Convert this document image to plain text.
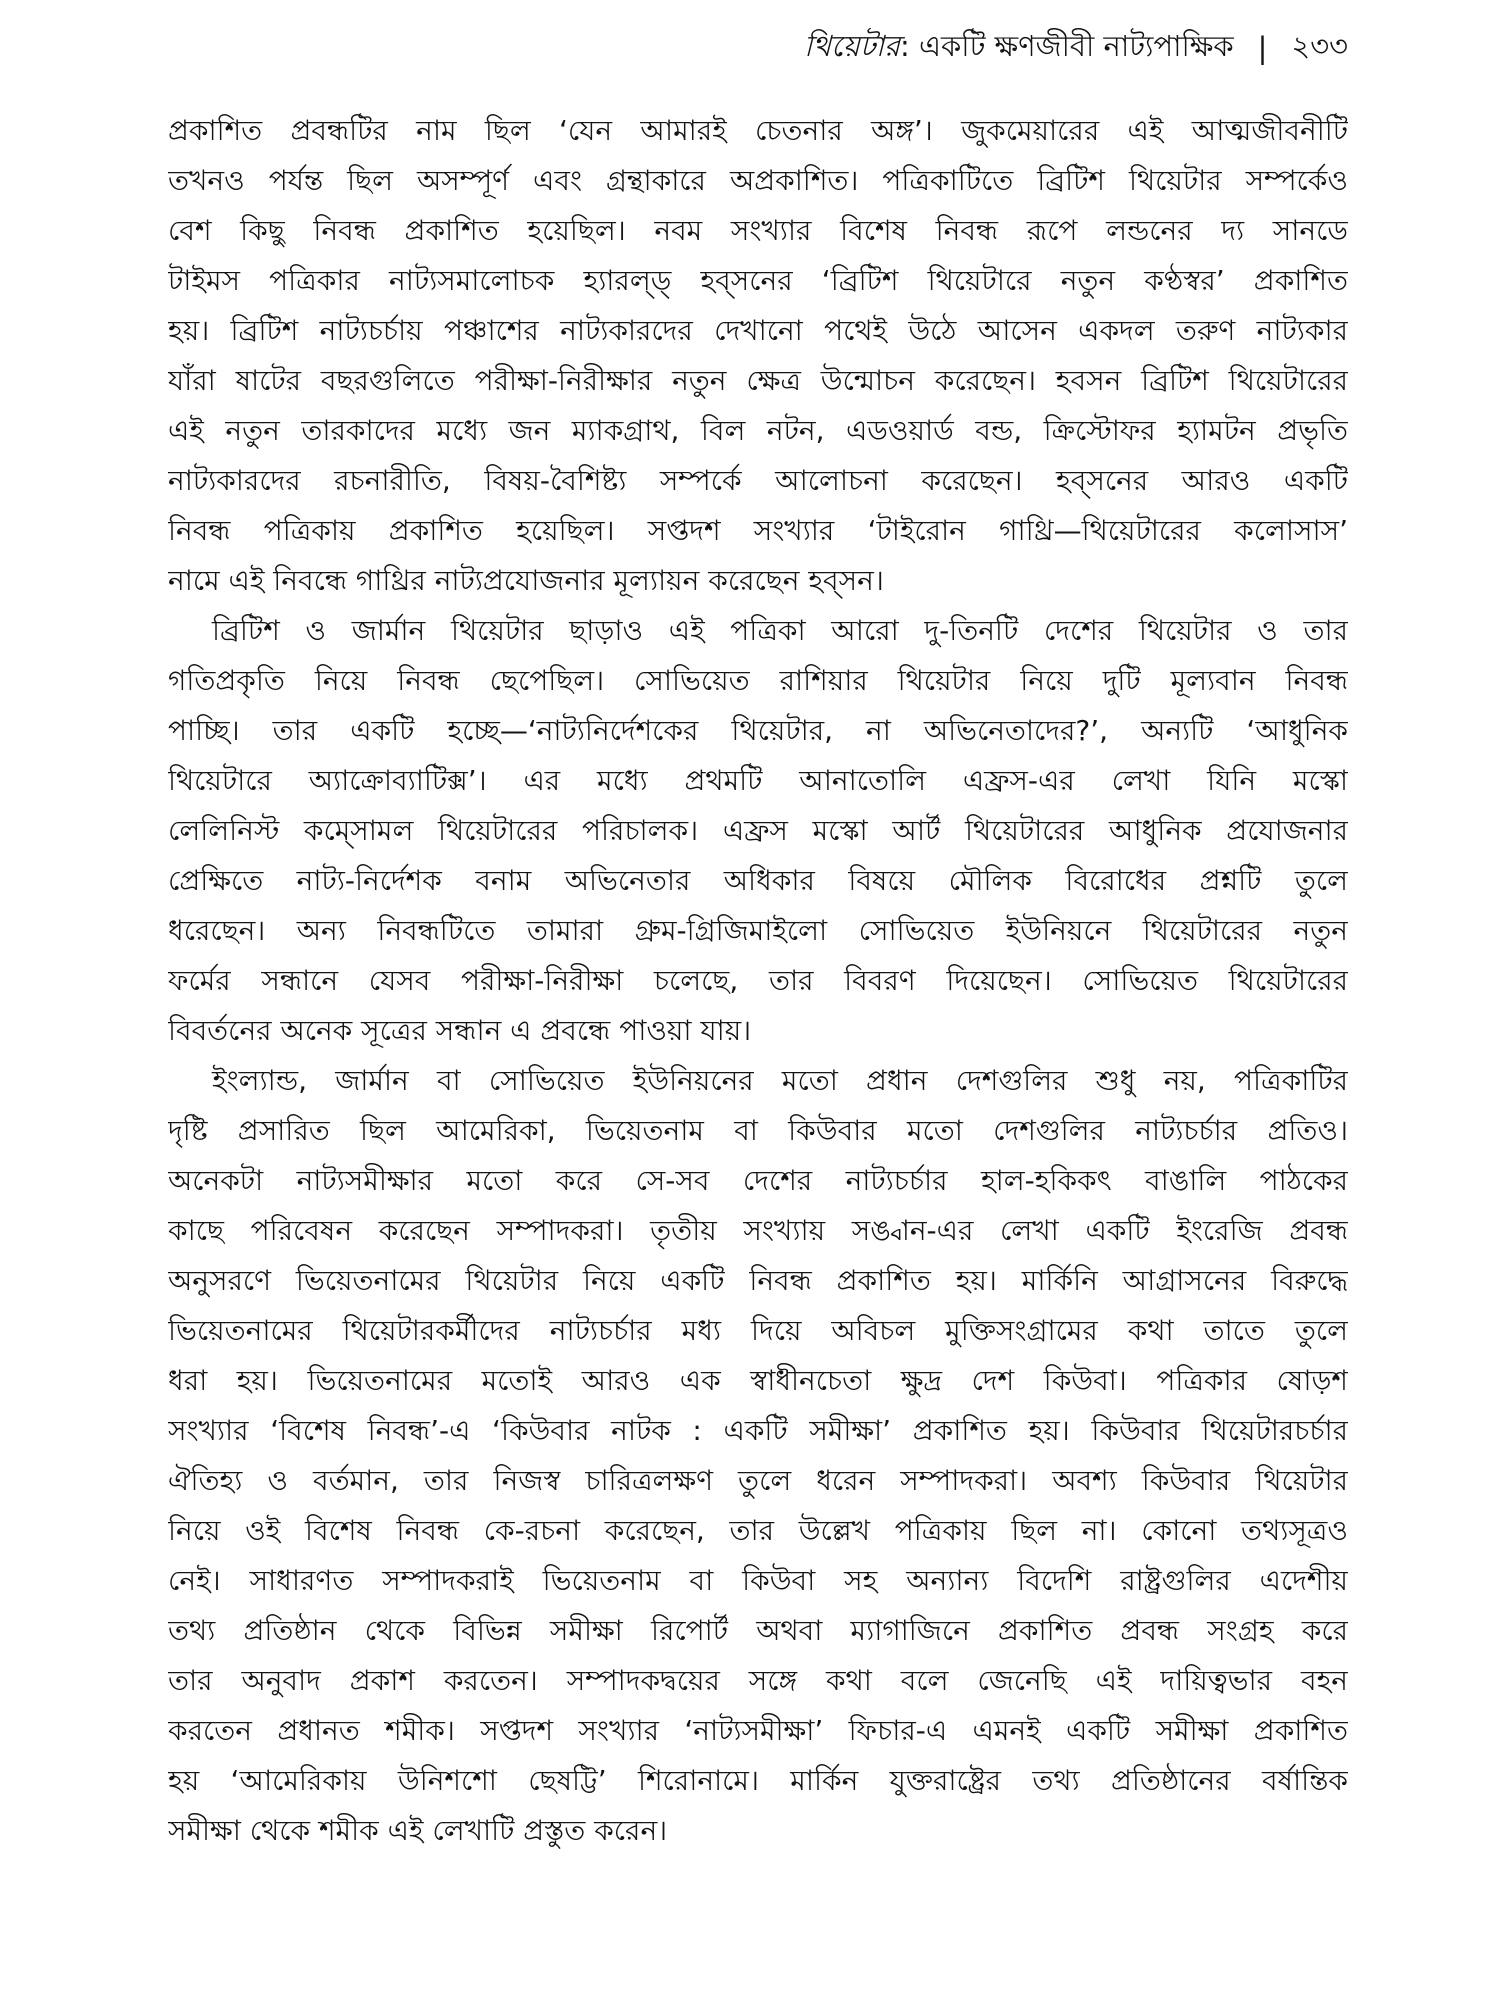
থিয়েটার : একটি ক্ষণজীবী নাট্যপাক্ষিক | ২৩৩
প্রকাশিত প্রবন্ধটির নাম ছিল ‘যেন আমারই চেতনার অঙ্গ’। জুকমেয়ারের এই আত্মজীবনীটি
তখনও পর্যন্ত ছিল অসম্পূর্ণ এবং গ্রন্থাকারে অপ্রকাশিত। পত্রিকাটিতে ব্রিটিশ থিয়েটার সম্পর্কেও
বেশ কিছু নিবন্ধ প্রকাশিত হয়েছিল। নবম সংখ্যার বিশেষ নিবন্ধ রূপে লন্ডনের দ্য সানডে
টাইমস পত্রিকার নাট্যসমালোচক হ্যারল্ড্ হব্সনের ‘ব্রিটিশ থিয়েটারে নতুন কণ্ঠস্বর’ প্রকাশিত
হয়। ব্রিটিশ নাট্যচর্চায় পঞ্চাশের নাট্যকারদের দেখানো পথেই উঠে আসেন একদল তরুণ নাট্যকার
যাঁরা ষাটের বছরগুলিতে পরীক্ষা-নিরীক্ষার নতুন ক্ষেত্র উন্মোচন করেছেন। হবসন ব্রিটিশ থিয়েটারের
এই নতুন তারকাদের মধ্যে জন ম্যাকগ্রাথ, বিল নটন, এডওয়ার্ড বন্ড, ক্রিস্টোফর হ্যামটন প্রভৃতি
নাট্যকারদের রচনারীতি, বিষয়-বৈশিষ্ট্য সম্পর্কে আলোচনা করেছেন। হব্সনের আরও একটি
নিবন্ধ পত্রিকায় প্রকাশিত হয়েছিল। সপ্তদশ সংখ্যার ‘টাইরোন গাথ্রি—থিয়েটারের কলোসাস’
নামে এই নিবন্ধে গাথ্রির নাট্যপ্রযোজনার মূল্যায়ন করেছেন হব্সন।
ব্রিটিশ ও জার্মান থিয়েটার ছাড়াও এই পত্রিকা আরো দু-তিনটি দেশের থিয়েটার ও তার
গতিপ্রকৃতি নিয়ে নিবন্ধ ছেপেছিল। সোভিয়েত রাশিয়ার থিয়েটার নিয়ে দুটি মূল্যবান নিবন্ধ
পাচ্ছি। তার একটি হচ্ছে—‘নাট্যনির্দেশকের থিয়েটার, না অভিনেতাদের?’, অন্যটি ‘আধুনিক
থিয়েটারে অ্যাক্রোব্যাটিক্স’। এর মধ্যে প্রথমটি আনাতোলি এফ্রস-এর লেখা যিনি মস্কো
লেলিনিস্ট কম্সোমল থিয়েটারের পরিচালক। এফ্রস মস্কো আর্ট থিয়েটারের আধুনিক প্রযোজনার
প্রেক্ষিতে নাট্য-নির্দেশক বনাম অভিনেতার অধিকার বিষয়ে মৌলিক বিরোধের প্রশ্নটি তুলে
ধরেছেন। অন্য নিবন্ধটিতে তামারা গ্রুম-গ্রিজিমাইলো সোভিয়েত ইউনিয়নে থিয়েটারের নতুন
ফর্মের সন্ধানে যেসব পরীক্ষা-নিরীক্ষা চলেছে, তার বিবরণ দিয়েছেন। সোভিয়েত থিয়েটারের
বিবর্তনের অনেক সূত্রের সন্ধান এ প্রবন্ধে পাওয়া যায়।
ইংল্যান্ড, জার্মান বা সোভিয়েত ইউনিয়নের মতো প্রধান দেশগুলির শুধু নয়, পত্রিকাটির
দৃষ্টি প্রসারিত ছিল আমেরিকা, ভিয়েতনাম বা কিউবার মতো দেশগুলির নাট্যচর্চার প্রতিও।
অনেকটা নাট্যসমীক্ষার মতো করে সে-সব দেশের নাট্যচর্চার হাল-হকিকৎ বাঙালি পাঠকের
কাছে পরিবেষন করেছেন সম্পাদকরা। তৃতীয় সংখ্যায় সঙ্বান-এর লেখা একটি ইংরেজি প্রবন্ধ
অনুসরণে ভিয়েতনামের থিয়েটার নিয়ে একটি নিবন্ধ প্রকাশিত হয়। মার্কিনি আগ্রাসনের বিরুদ্ধে
ভিয়েতনামের থিয়েটারকর্মীদের নাট্যচর্চার মধ্য দিয়ে অবিচল মুক্তিসংগ্রামের কথা তাতে তুলে
ধরা হয়। ভিয়েতনামের মতোই আরও এক স্বাধীনচেতা ক্ষুদ্র দেশ কিউবা। পত্রিকার ষোড়শ
সংখ্যার ‘বিশেষ নিবন্ধ’-এ ‘কিউবার নাটক : একটি সমীক্ষা’ প্রকাশিত হয়। কিউবার থিয়েটারচর্চার
ঐতিহ্য ও বর্তমান, তার নিজস্ব চারিত্রলক্ষণ তুলে ধরেন সম্পাদকরা। অবশ্য কিউবার থিয়েটার
নিয়ে ওই বিশেষ নিবন্ধ কে-রচনা করেছেন, তার উল্লেখ পত্রিকায় ছিল না। কোনো তথ্যসূত্রও
নেই। সাধারণত সম্পাদকরাই ভিয়েতনাম বা কিউবা সহ অন্যান্য বিদেশি রাষ্ট্রগুলির এদেশীয়
তথ্য প্রতিষ্ঠান থেকে বিভিন্ন সমীক্ষা রিপোর্ট অথবা ম্যাগাজিনে প্রকাশিত প্রবন্ধ সংগ্রহ করে
তার অনুবাদ প্রকাশ করতেন। সম্পাদকদ্বয়ের সঙ্গে কথা বলে জেনেছি এই দায়িত্বভার বহন
করতেন প্রধানত শমীক। সপ্তদশ সংখ্যার ‘নাট্যসমীক্ষা’ ফিচার-এ এমনই একটি সমীক্ষা প্রকাশিত
হয় ‘আমেরিকায় উনিশশো ছেষট্টি’ শিরোনামে। মার্কিন যুক্তরাষ্ট্রের তথ্য প্রতিষ্ঠানের বর্ষান্তিক
সমীক্ষা থেকে শমীক এই লেখাটি প্রস্তুত করেন।
